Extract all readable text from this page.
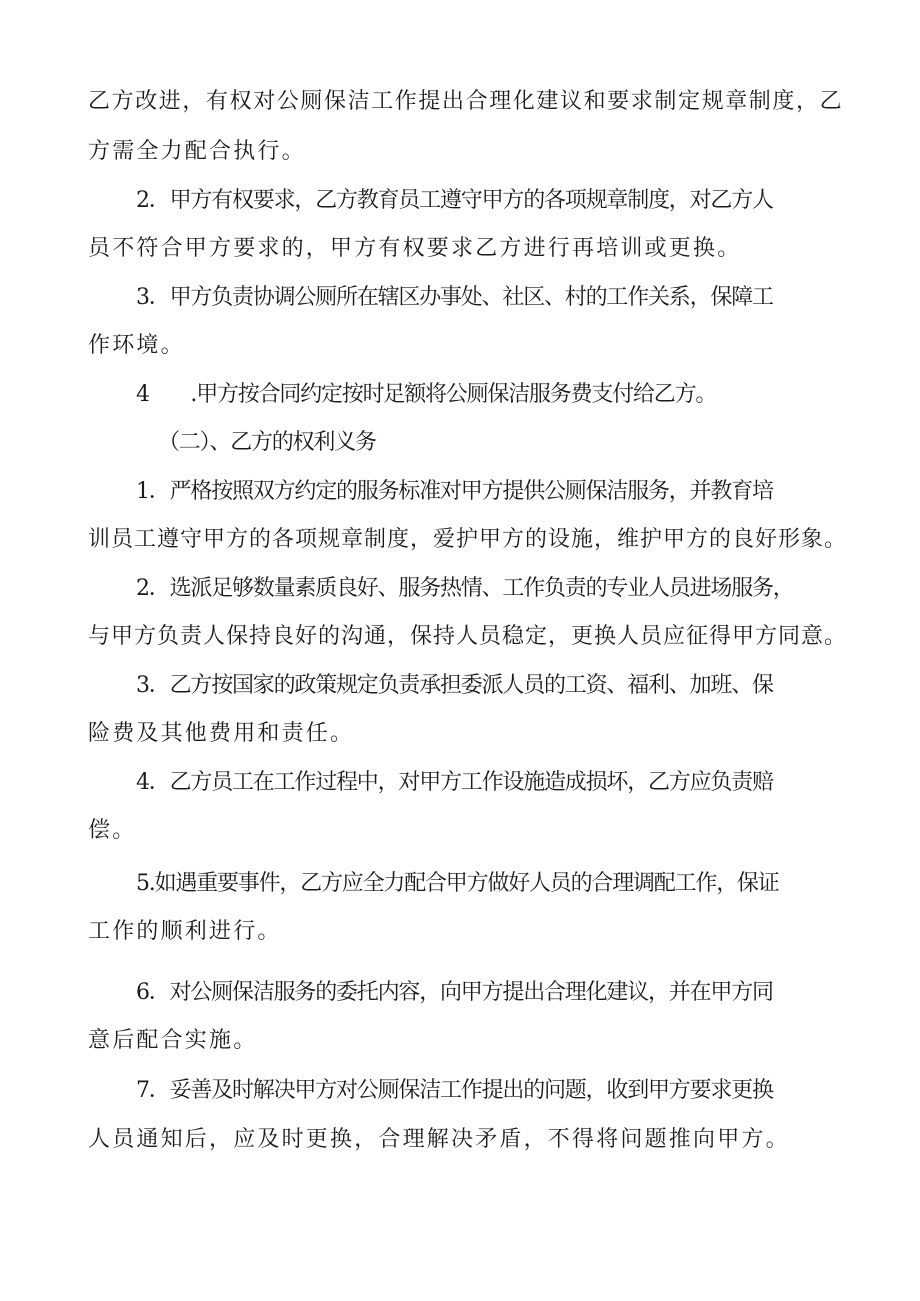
乙方改进，有权对公厕保洁工作提出合理化建议和要求制定规章制度，乙
方需全力配合执行。
2．甲方有权要求，乙方教育员工遵守甲方的各项规章制度，对乙方人
员不符合甲方要求的，甲方有权要求乙方进行再培训或更换。
3．甲方负责协调公厕所在辖区办事处、社区、村的工作关系，保障工
作环境。
4　　.甲方按合同约定按时足额将公厕保洁服务费支付给乙方。
（二）、乙方的权利义务
1．严格按照双方约定的服务标准对甲方提供公厕保洁服务，并教育培
训员工遵守甲方的各项规章制度，爱护甲方的设施，维护甲方的良好形象。
2．选派足够数量素质良好、服务热情、工作负责的专业人员进场服务，
与甲方负责人保持良好的沟通，保持人员稳定，更换人员应征得甲方同意。
3．乙方按国家的政策规定负责承担委派人员的工资、福利、加班、保
险费及其他费用和责任。
4．乙方员工在工作过程中，对甲方工作设施造成损坏，乙方应负责赔
偿。
5.如遇重要事件，乙方应全力配合甲方做好人员的合理调配工作，保证
工作的顺利进行。
6．对公厕保洁服务的委托内容，向甲方提出合理化建议，并在甲方同
意后配合实施。
7．妥善及时解决甲方对公厕保洁工作提出的问题，收到甲方要求更换
人员通知后，应及时更换，合理解决矛盾，不得将问题推向甲方。
